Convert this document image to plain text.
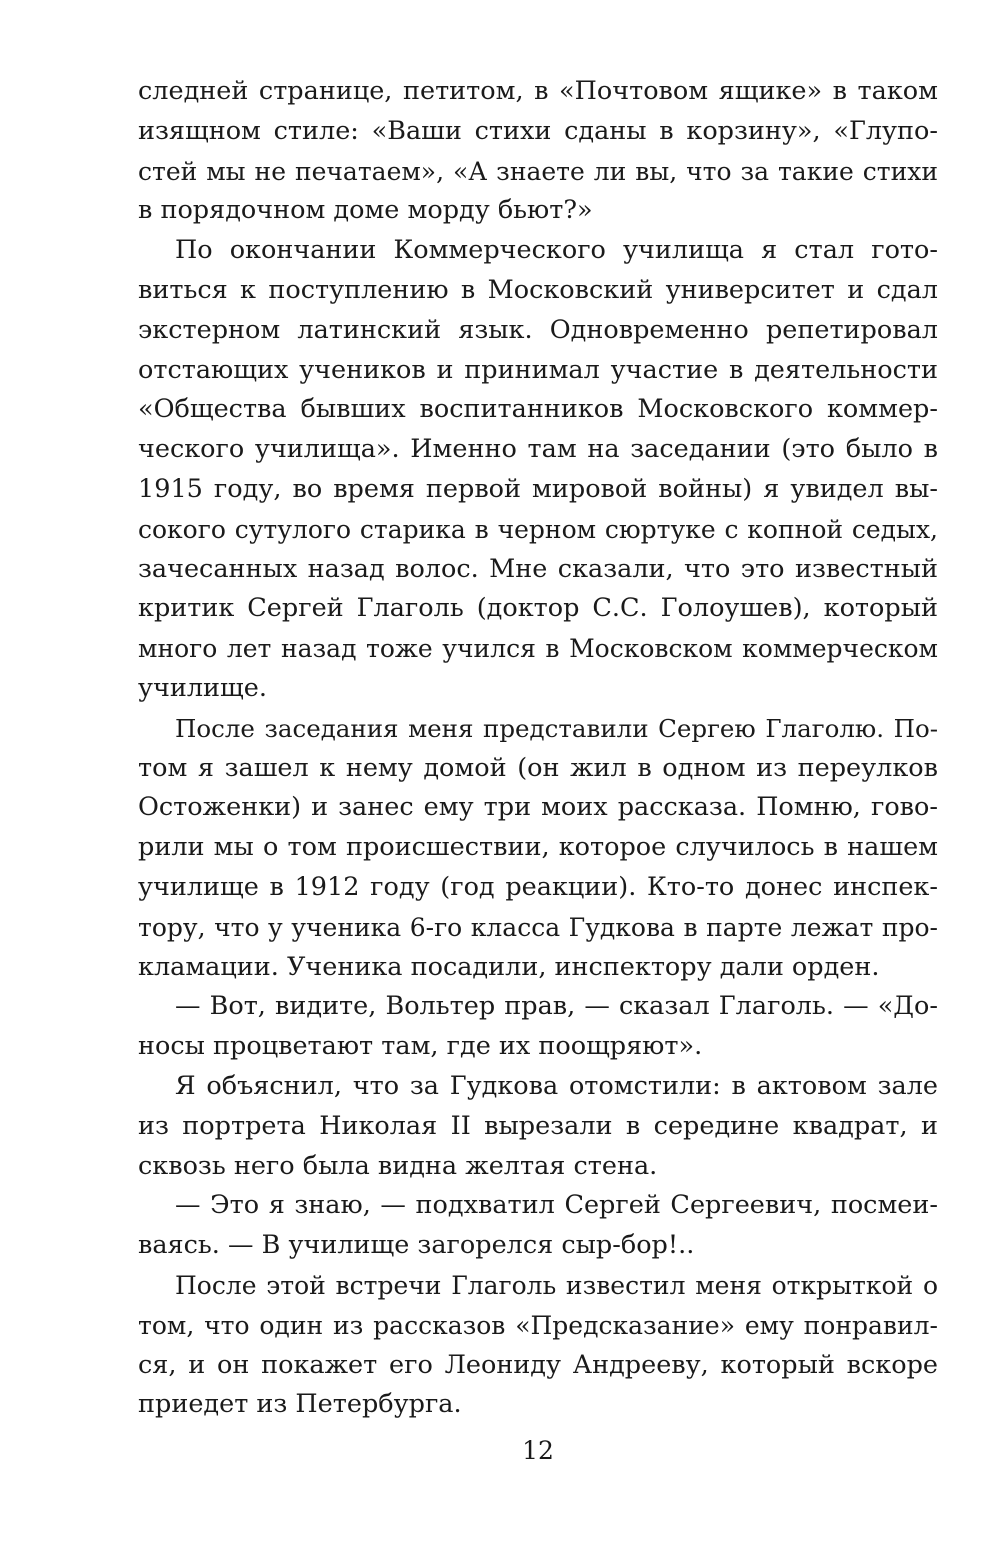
следней странице, петитом, в «Почтовом ящике» в таком
изящном стиле: «Ваши стихи сданы в корзину», «Глупо-
стей мы не печатаем», «А знаете ли вы, что за такие стихи
в порядочном доме морду бьют?»
По окончании Коммерческого училища я стал гото-
виться к поступлению в Московский университет и сдал
экстерном латинский язык. Одновременно репетировал
отстающих учеников и принимал участие в деятельности
«Общества бывших воспитанников Московского коммер-
ческого училища». Именно там на заседании (это было в
1915 году, во время первой мировой войны) я увидел вы-
сокого сутулого старика в черном сюртуке с копной седых,
зачесанных назад волос. Мне сказали, что это известный
критик Сергей Глаголь (доктор С.С. Голоушев), который
много лет назад тоже учился в Московском коммерческом
училище.
После заседания меня представили Сергею Глаголю. По-
том я зашел к нему домой (он жил в одном из переулков
Остоженки) и занес ему три моих рассказа. Помню, гово-
рили мы о том происшествии, которое случилось в нашем
училище в 1912 году (год реакции). Кто-то донес инспек-
тору, что у ученика 6-го класса Гудкова в парте лежат про-
кламации. Ученика посадили, инспектору дали орден.
— Вот, видите, Вольтер прав, — сказал Глаголь. — «До-
носы процветают там, где их поощряют».
Я объяснил, что за Гудкова отомстили: в актовом зале
из портрета Николая II вырезали в середине квадрат, и
сквозь него была видна желтая стена.
— Это я знаю, — подхватил Сергей Сергеевич, посмеи-
ваясь. — В училище загорелся сыр-бор!..
После этой встречи Глаголь известил меня открыткой о
том, что один из рассказов «Предсказание» ему понравил-
ся, и он покажет его Леониду Андрееву, который вскоре
приедет из Петербурга.
12
